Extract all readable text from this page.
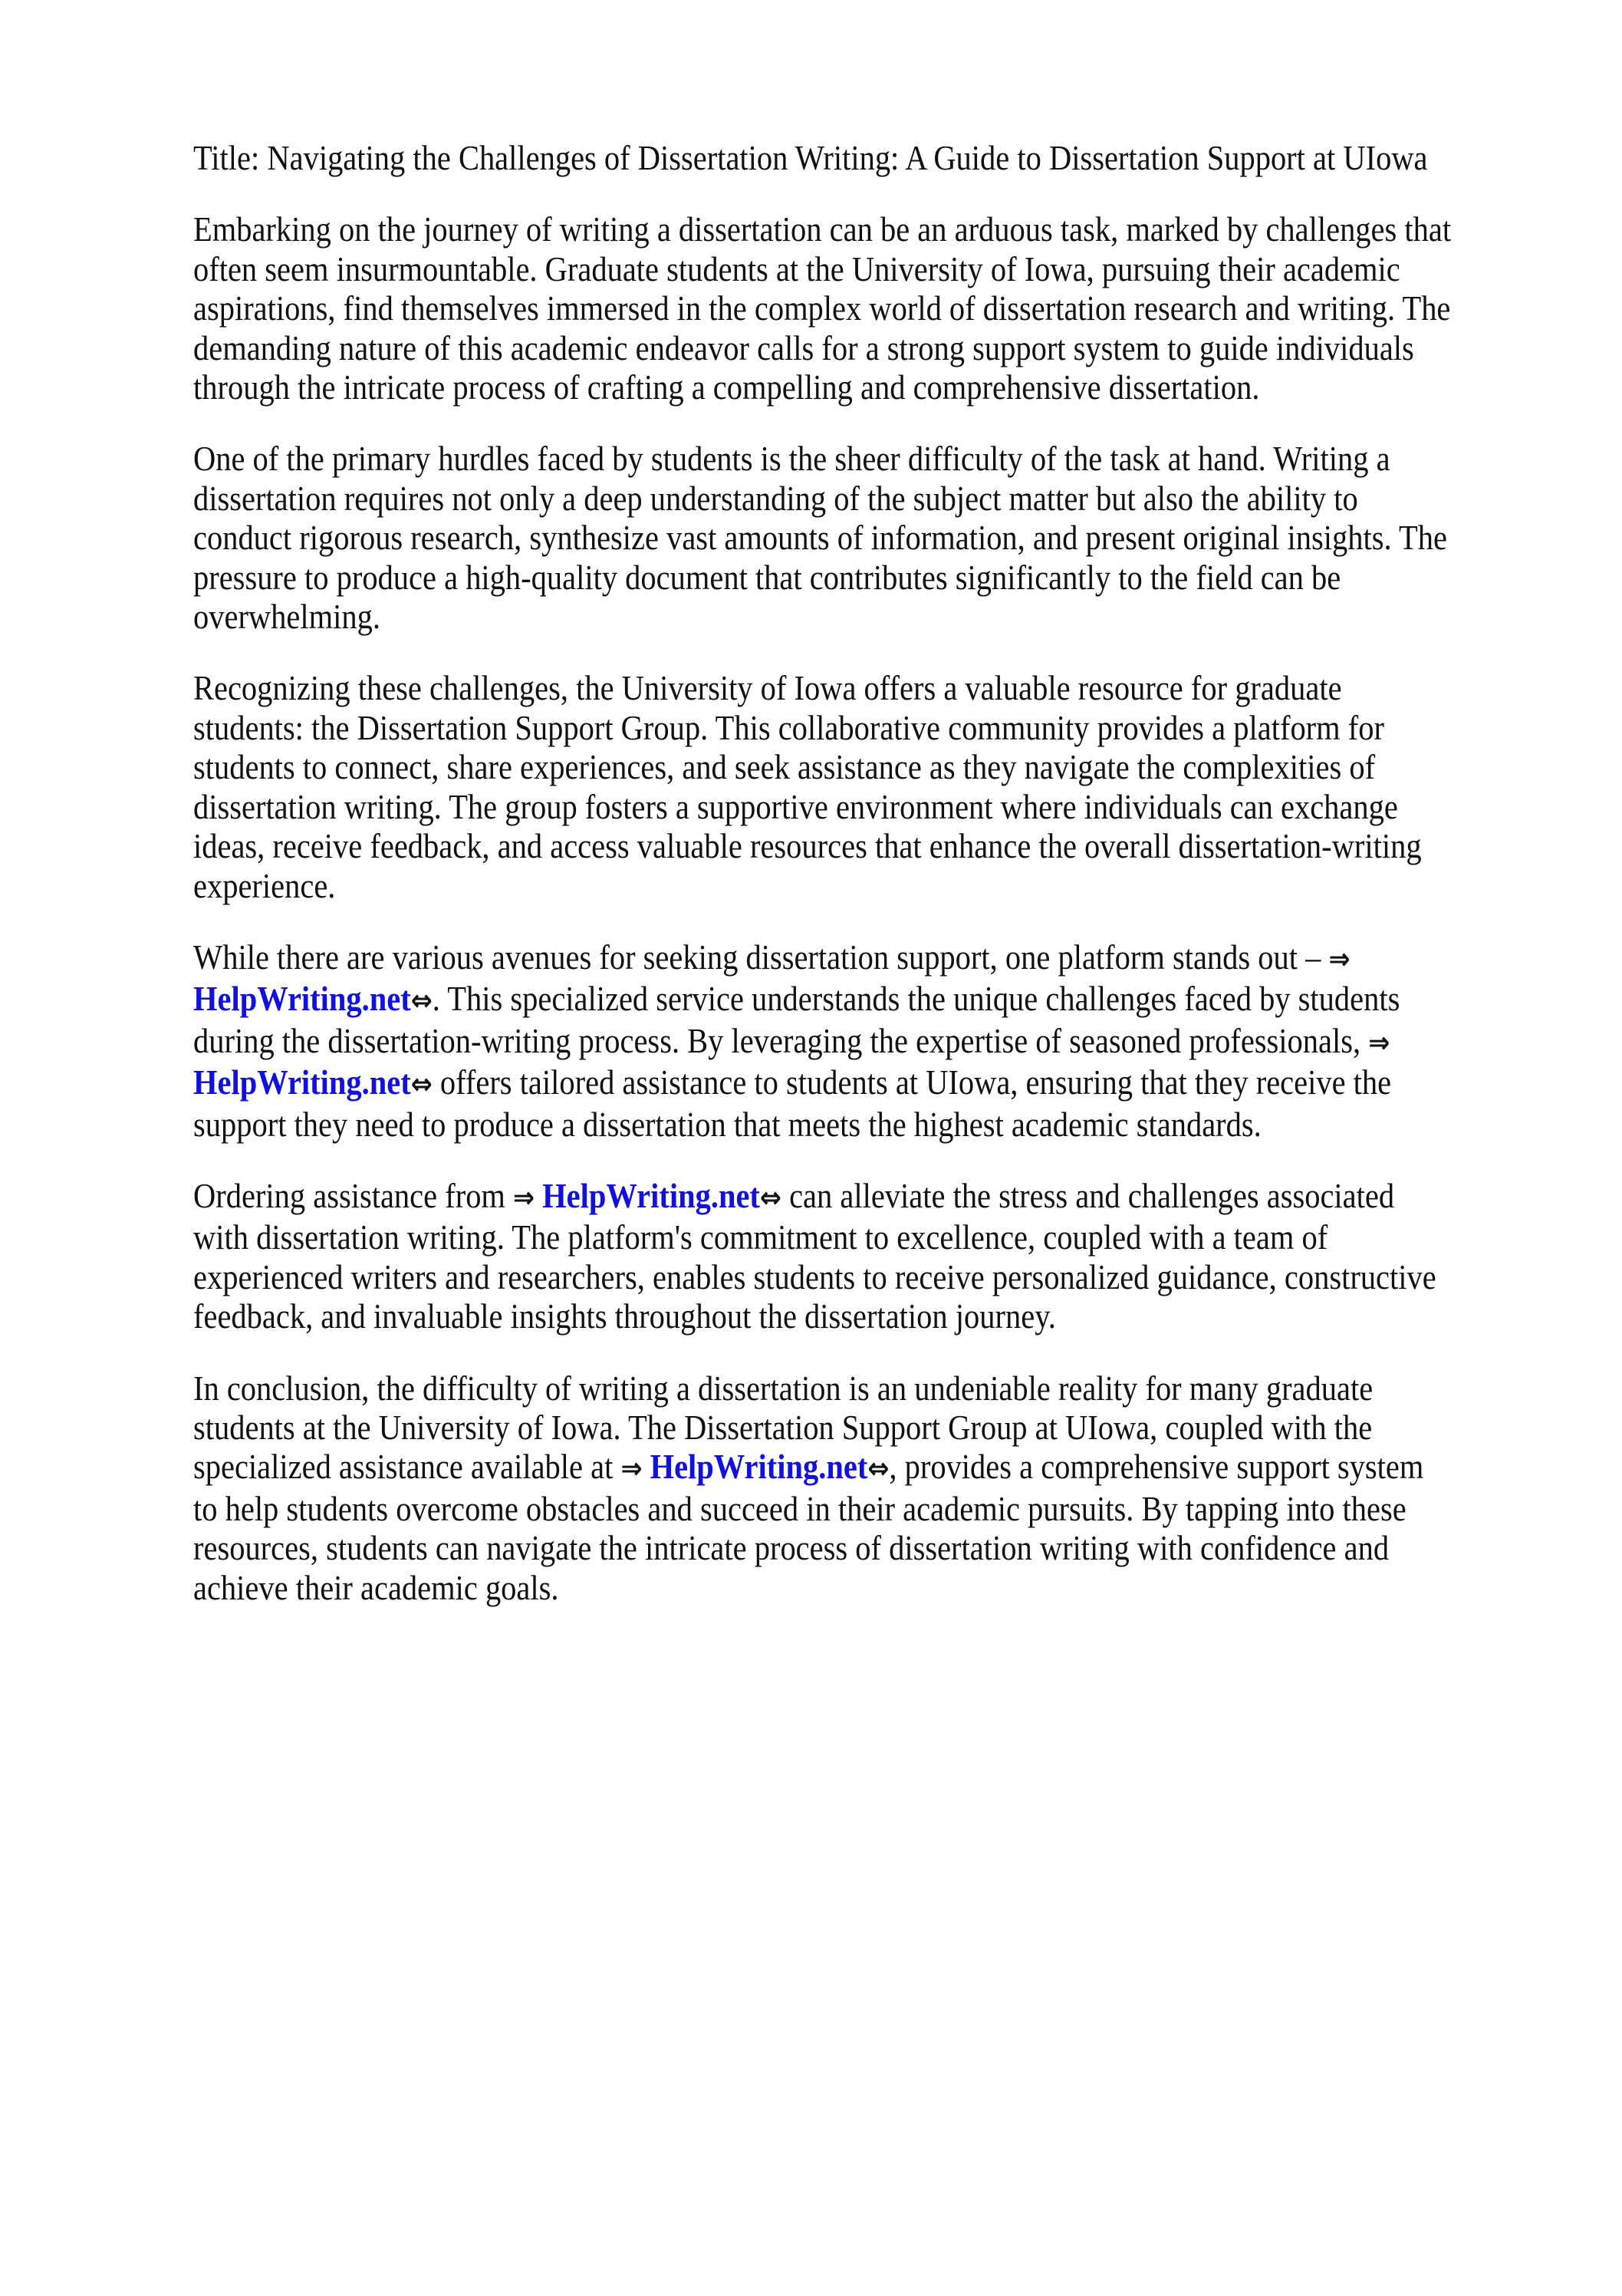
Title: Navigating the Challenges of Dissertation Writing: A Guide to Dissertation Support at UIowa
Embarking on the journey of writing a dissertation can be an arduous task, marked by challenges that
often seem insurmountable. Graduate students at the University of Iowa, pursuing their academic
aspirations, find themselves immersed in the complex world of dissertation research and writing. The
demanding nature of this academic endeavor calls for a strong support system to guide individuals
through the intricate process of crafting a compelling and comprehensive dissertation.
One of the primary hurdles faced by students is the sheer difficulty of the task at hand. Writing a
dissertation requires not only a deep understanding of the subject matter but also the ability to
conduct rigorous research, synthesize vast amounts of information, and present original insights. The
pressure to produce a high-quality document that contributes significantly to the field can be
overwhelming.
Recognizing these challenges, the University of Iowa offers a valuable resource for graduate
students: the Dissertation Support Group. This collaborative community provides a platform for
students to connect, share experiences, and seek assistance as they navigate the complexities of
dissertation writing. The group fosters a supportive environment where individuals can exchange
ideas, receive feedback, and access valuable resources that enhance the overall dissertation-writing
experience.
While there are various avenues for seeking dissertation support, one platform stands out – ⇒
HelpWriting.net⇔. This specialized service understands the unique challenges faced by students
during the dissertation-writing process. By leveraging the expertise of seasoned professionals, ⇒
HelpWriting.net⇔ offers tailored assistance to students at UIowa, ensuring that they receive the
support they need to produce a dissertation that meets the highest academic standards.
Ordering assistance from ⇒ HelpWriting.net⇔ can alleviate the stress and challenges associated
with dissertation writing. The platform's commitment to excellence, coupled with a team of
experienced writers and researchers, enables students to receive personalized guidance, constructive
feedback, and invaluable insights throughout the dissertation journey.
In conclusion, the difficulty of writing a dissertation is an undeniable reality for many graduate
students at the University of Iowa. The Dissertation Support Group at UIowa, coupled with the
specialized assistance available at ⇒ HelpWriting.net⇔, provides a comprehensive support system
to help students overcome obstacles and succeed in their academic pursuits. By tapping into these
resources, students can navigate the intricate process of dissertation writing with confidence and
achieve their academic goals.
